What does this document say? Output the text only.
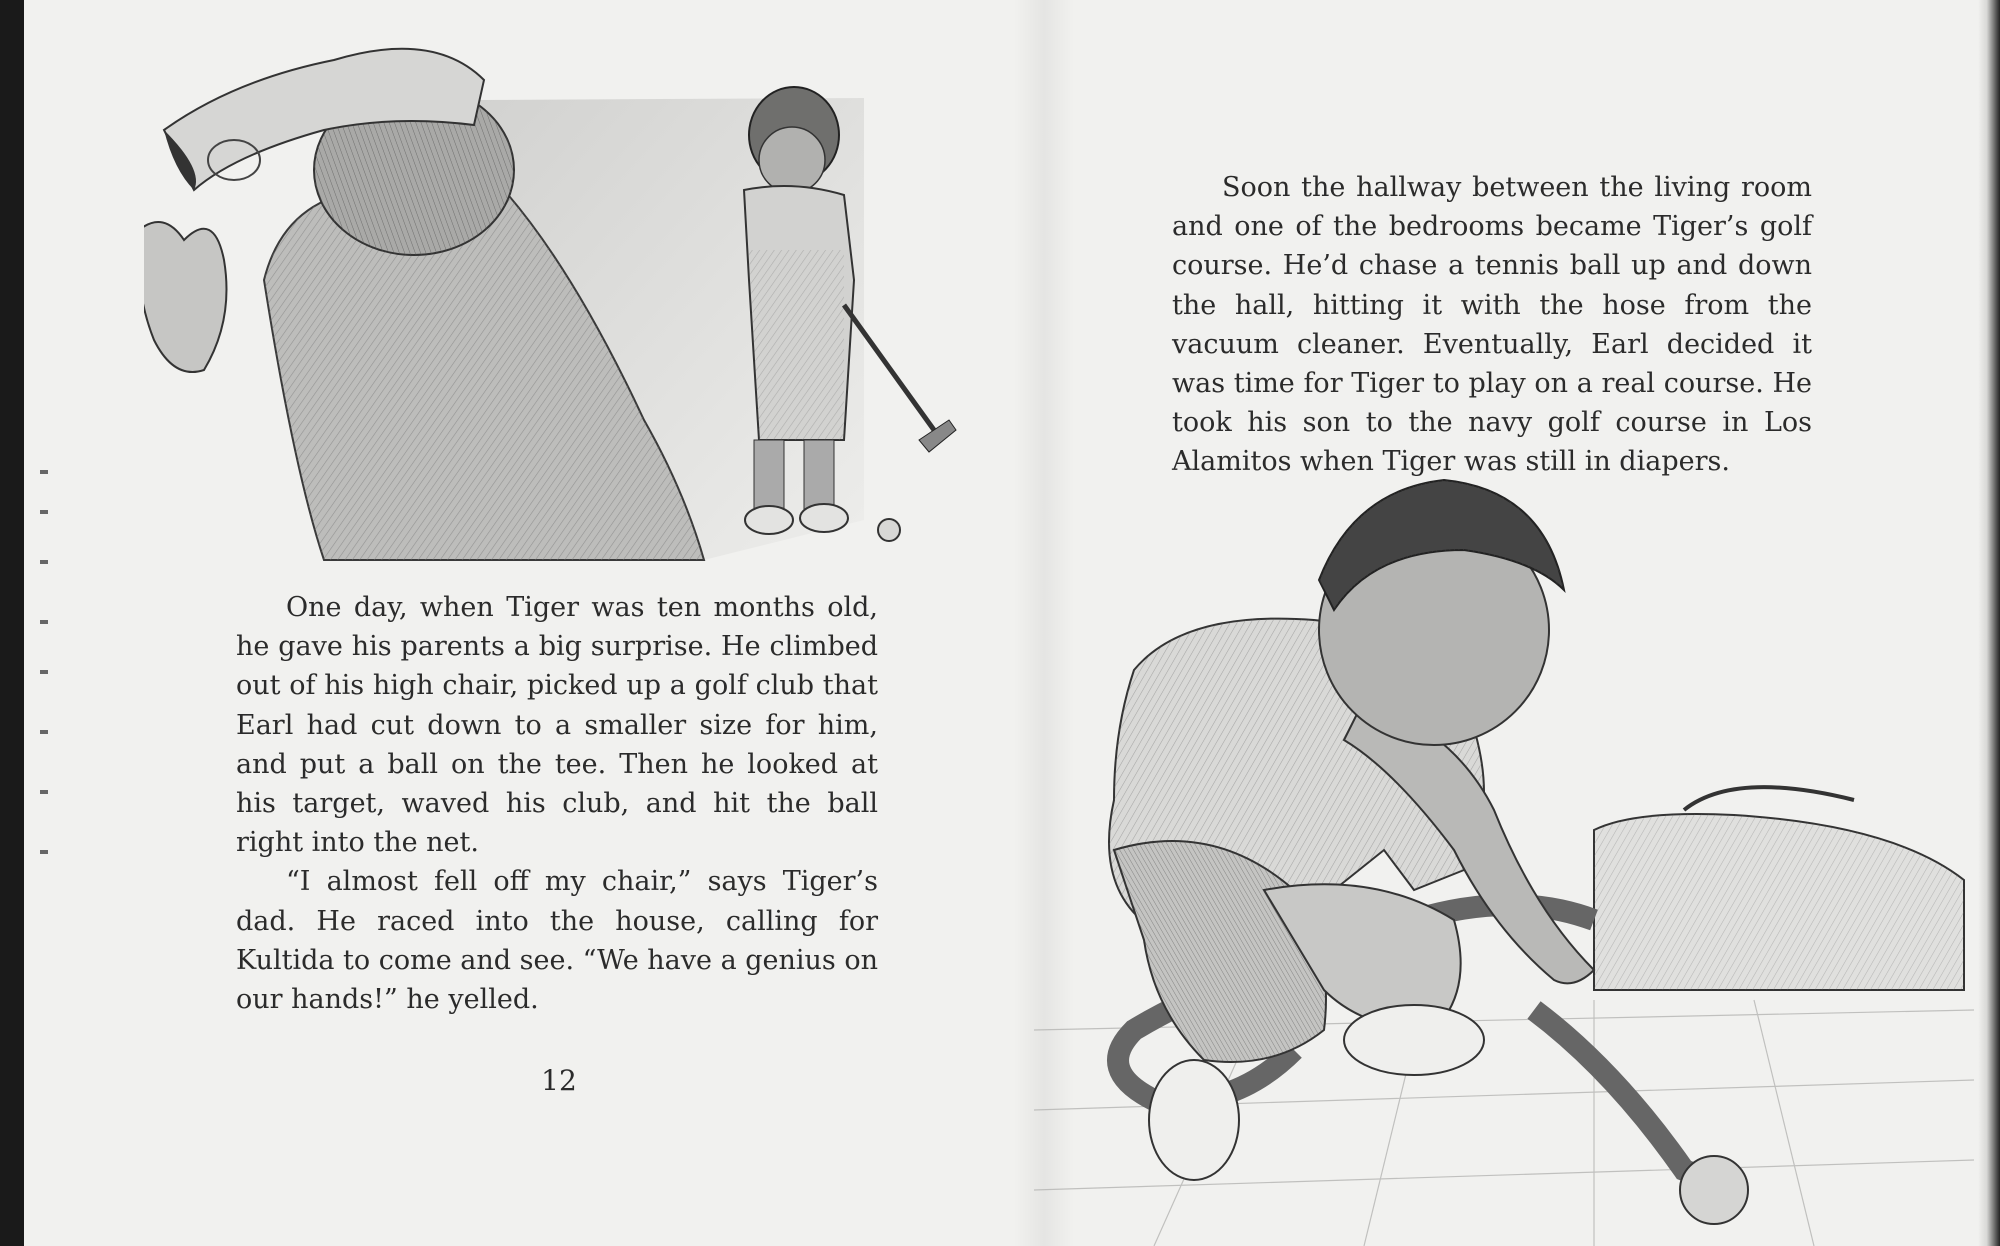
One day, when Tiger was ten months old, he gave his parents a big surprise. He climbed out of his high chair, picked up a golf club that Earl had cut down to a smaller size for him, and put a ball on the tee. Then he looked at his target, waved his club, and hit the ball right into the net.

“I almost fell off my chair,” says Tiger’s dad. He raced into the house, calling for Kultida to come and see. “We have a genius on our hands!” he yelled.

12

Soon the hallway between the living room and one of the bedrooms became Tiger’s golf course. He’d chase a tennis ball up and down the hall, hitting it with the hose from the vacuum cleaner. Eventually, Earl decided it was time for Tiger to play on a real course. He took his son to the navy golf course in Los Alamitos when Tiger was still in diapers.
